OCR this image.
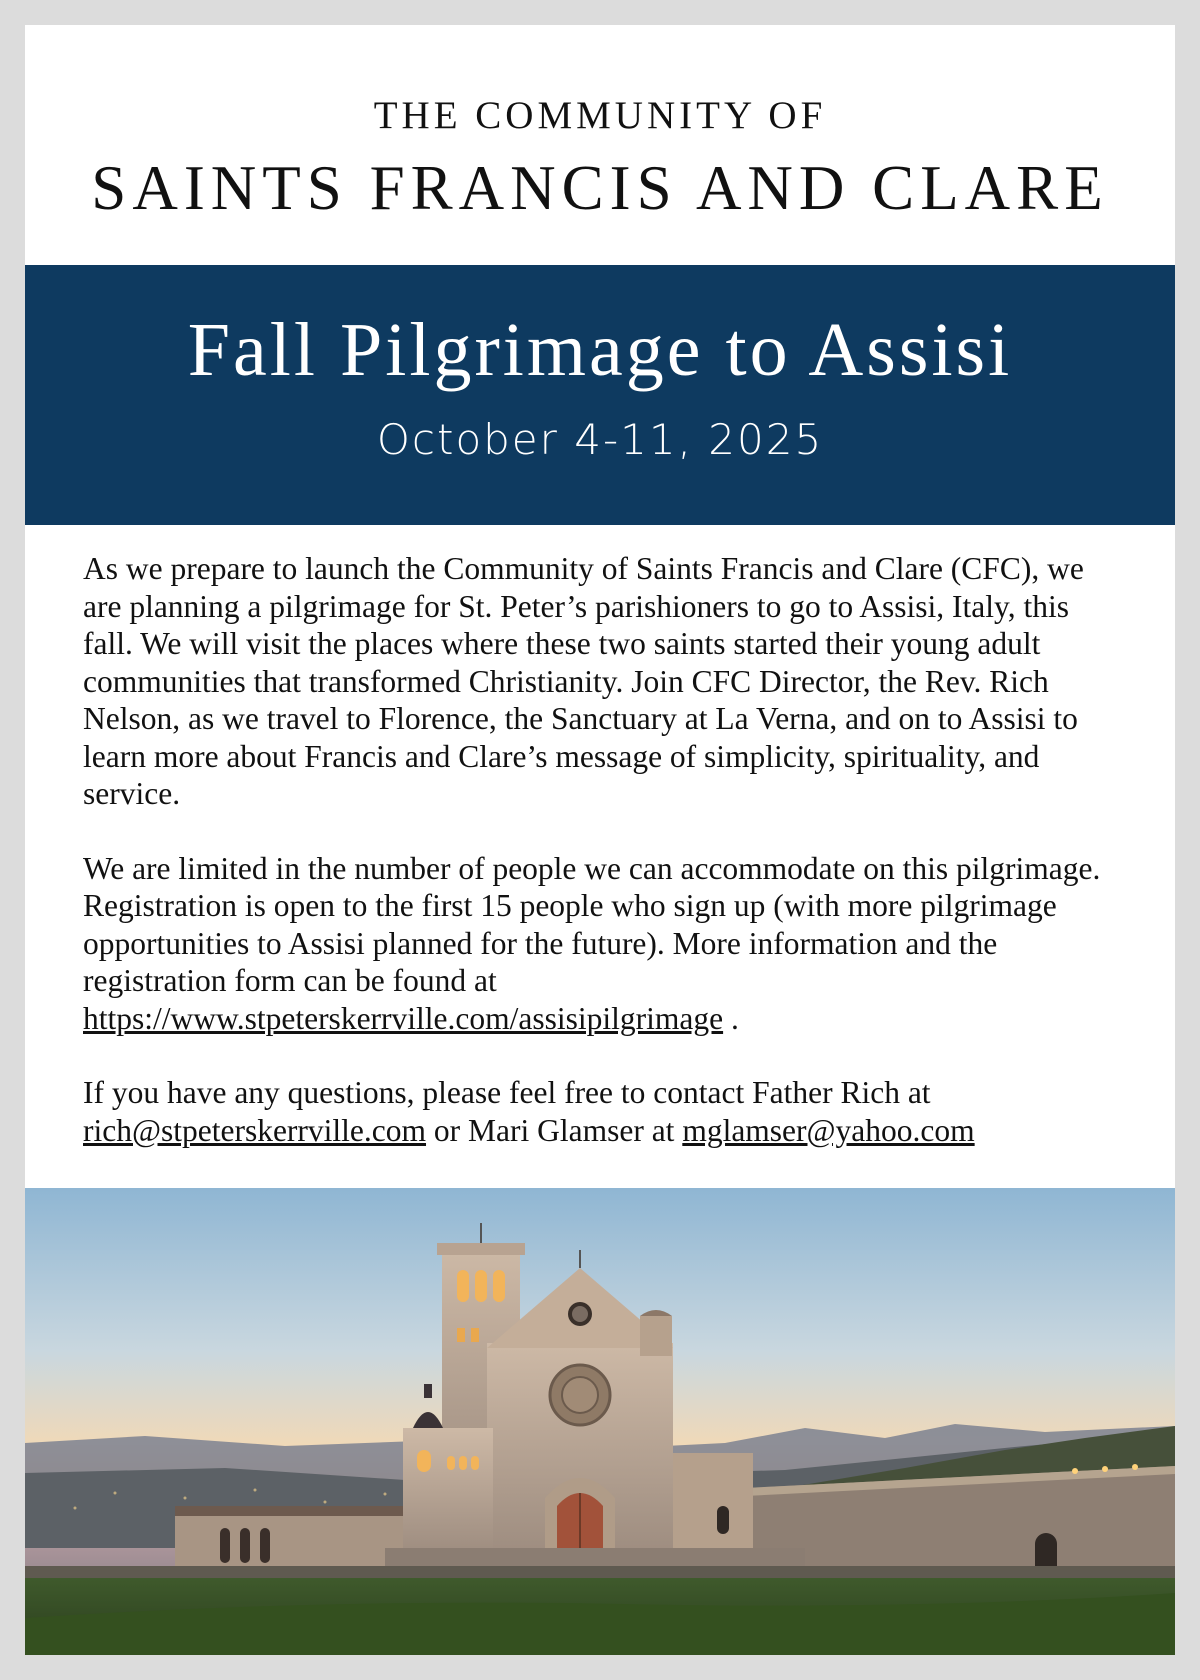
THE COMMUNITY OF
SAINTS FRANCIS AND CLARE
Fall Pilgrimage to Assisi
October 4-11, 2025

As we prepare to launch the Community of Saints Francis and Clare (CFC), we are planning a pilgrimage for St. Peter’s parishioners to go to Assisi, Italy, this fall. We will visit the places where these two saints started their young adult communities that transformed Christianity. Join CFC Director, the Rev. Rich Nelson, as we travel to Florence, the Sanctuary at La Verna, and on to Assisi to learn more about Francis and Clare’s message of simplicity, spirituality, and service.

We are limited in the number of people we can accommodate on this pilgrimage. Registration is open to the first 15 people who sign up (with more pilgrimage opportunities to Assisi planned for the future). More information and the registration form can be found at
https://www.stpeterskerrville.com/assisipilgrimage .

If you have any questions, please feel free to contact Father Rich at
rich@stpeterskerrville.com or Mari Glamser at mglamser@yahoo.com
